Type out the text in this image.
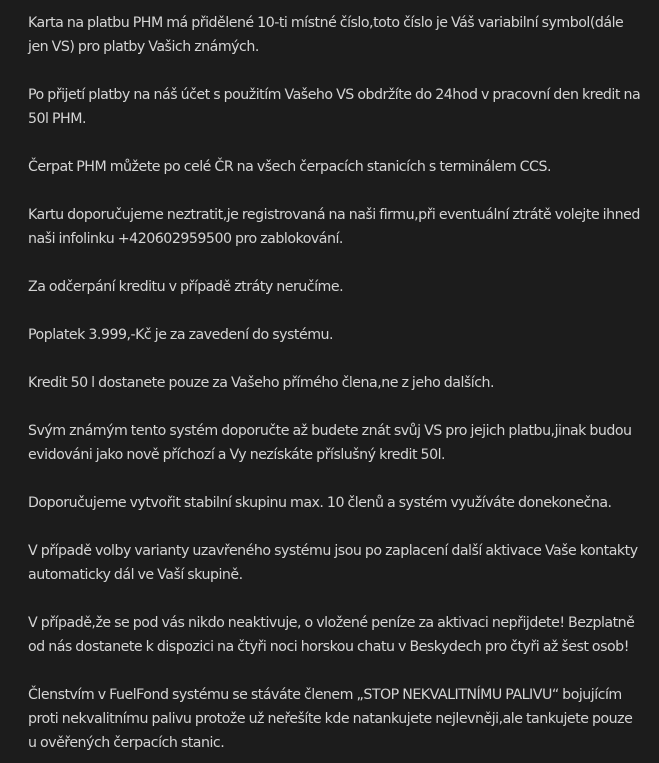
Karta na platbu PHM má přidělené 10-ti místné číslo,toto číslo je Váš variabilní symbol(dále jen VS) pro platby Vašich známých.

Po přijetí platby na náš účet s použitím Vašeho VS obdržíte do 24hod v pracovní den kredit na 50l PHM.

Čerpat PHM můžete po celé ČR na všech čerpacích stanicích s terminálem CCS.

Kartu doporučujeme neztratit,je registrovaná na naši firmu,při eventuální ztrátě volejte ihned naši infolinku +420602959500 pro zablokování.

Za odčerpání kreditu v případě ztráty neručíme.

Poplatek 3.999,-Kč je za zavedení do systému.

Kredit 50 l dostanete pouze za Vašeho přímého člena,ne z jeho dalších.

Svým známým tento systém doporučte až budete znát svůj VS pro jejich platbu,jinak budou evidováni jako nově příchozí a Vy nezískáte příslušný kredit 50l.

Doporučujeme vytvořit stabilní skupinu max. 10 členů a systém využíváte donekonečna.

V případě volby varianty uzavřeného systému jsou po zaplacení další aktivace Vaše kontakty automaticky dál ve Vaší skupině.

V případě,že se pod vás nikdo neaktivuje, o vložené peníze za aktivaci nepřijdete! Bezplatně od nás dostanete k dispozici na čtyři noci horskou chatu v Beskydech pro čtyři až šest osob!

Členstvím v FuelFond systému se stáváte členem „STOP NEKVALITNÍMU PALIVU“ bojujícím proti nekvalitnímu palivu protože už neřešíte kde natankujete nejlevněji,ale tankujete pouze u ověřených čerpacích stanic.
